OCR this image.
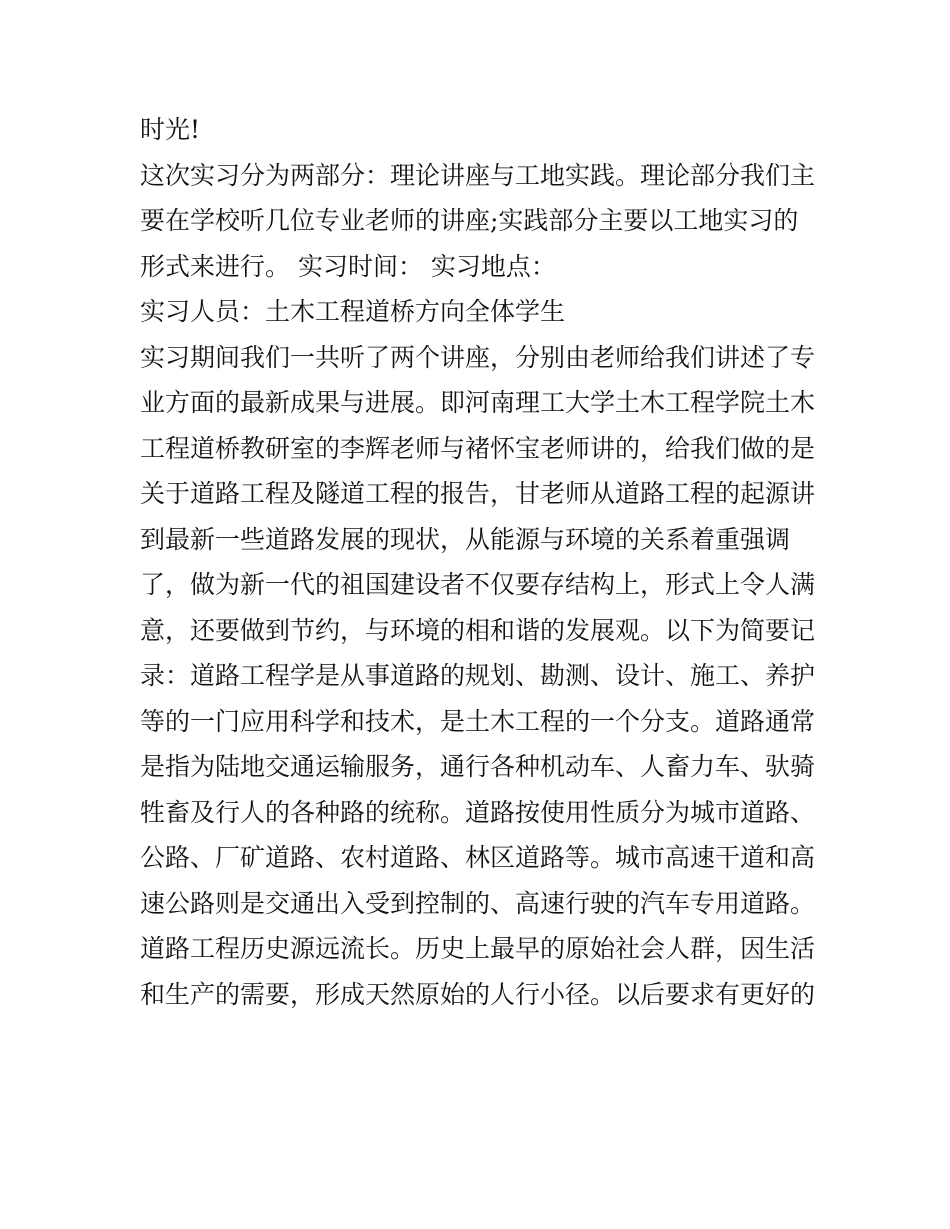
时光!
这次实习分为两部分：理论讲座与工地实践。理论部分我们主
要在学校听几位专业老师的讲座;实践部分主要以工地实习的
形式来进行。 实习时间： 实习地点：
实习人员：土木工程道桥方向全体学生
实习期间我们一共听了两个讲座，分别由老师给我们讲述了专
业方面的最新成果与进展。即河南理工大学土木工程学院土木
工程道桥教研室的李辉老师与褚怀宝老师讲的，给我们做的是
关于道路工程及隧道工程的报告，甘老师从道路工程的起源讲
到最新一些道路发展的现状，从能源与环境的关系着重强调
了，做为新一代的祖国建设者不仅要存结构上，形式上令人满
意，还要做到节约，与环境的相和谐的发展观。以下为简要记
录：道路工程学是从事道路的规划、勘测、设计、施工、养护
等的一门应用科学和技术，是土木工程的一个分支。道路通常
是指为陆地交通运输服务，通行各种机动车、人畜力车、驮骑
牲畜及行人的各种路的统称。道路按使用性质分为城市道路、
公路、厂矿道路、农村道路、林区道路等。城市高速干道和高
速公路则是交通出入受到控制的、高速行驶的汽车专用道路。
道路工程历史源远流长。历史上最早的原始社会人群，因生活
和生产的需要，形成天然原始的人行小径。以后要求有更好的
